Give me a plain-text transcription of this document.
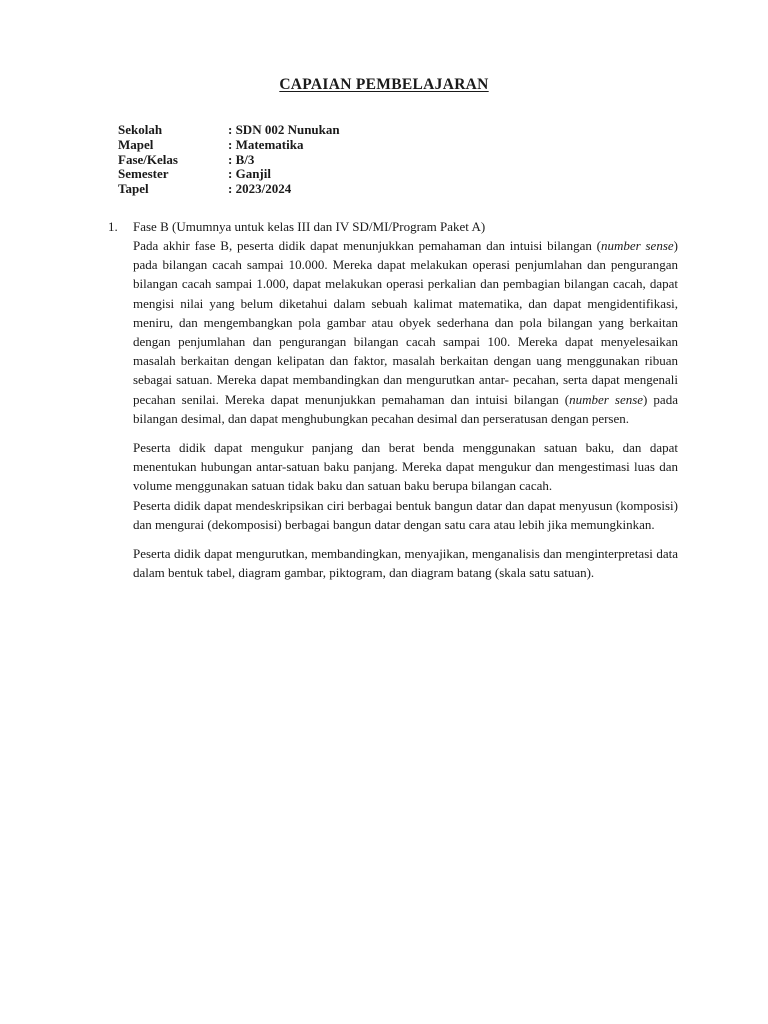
CAPAIAN PEMBELAJARAN
Sekolah	: SDN 002 Nunukan
Mapel	: Matematika
Fase/Kelas	: B/3
Semester	: Ganjil
Tapel	: 2023/2024
1.	Fase B (Umumnya untuk kelas III dan IV SD/MI/Program Paket A)

Pada akhir fase B, peserta didik dapat menunjukkan pemahaman dan intuisi bilangan (number sense) pada bilangan cacah sampai 10.000. Mereka dapat melakukan operasi penjumlahan dan pengurangan bilangan cacah sampai 1.000, dapat melakukan operasi perkalian dan pembagian bilangan cacah, dapat mengisi nilai yang belum diketahui dalam sebuah kalimat matematika, dan dapat mengidentifikasi, meniru, dan mengembangkan pola gambar atau obyek sederhana dan pola bilangan yang berkaitan dengan penjumlahan dan pengurangan bilangan cacah sampai 100. Mereka dapat menyelesaikan masalah berkaitan dengan kelipatan dan faktor, masalah berkaitan dengan uang menggunakan ribuan sebagai satuan. Mereka dapat membandingkan dan mengurutkan antar- pecahan, serta dapat mengenali pecahan senilai. Mereka dapat menunjukkan pemahaman dan intuisi bilangan (number sense) pada bilangan desimal, dan dapat menghubungkan pecahan desimal dan perseratusan dengan persen.

Peserta didik dapat mengukur panjang dan berat benda menggunakan satuan baku, dan dapat menentukan hubungan antar-satuan baku panjang. Mereka dapat mengukur dan mengestimasi luas dan volume menggunakan satuan tidak baku dan satuan baku berupa bilangan cacah.

Peserta didik dapat mendeskripsikan ciri berbagai bentuk bangun datar dan dapat menyusun (komposisi) dan mengurai (dekomposisi) berbagai bangun datar dengan satu cara atau lebih jika memungkinkan.

Peserta didik dapat mengurutkan, membandingkan, menyajikan, menganalisis dan menginterpretasi data dalam bentuk tabel, diagram gambar, piktogram, dan diagram batang (skala satu satuan).
